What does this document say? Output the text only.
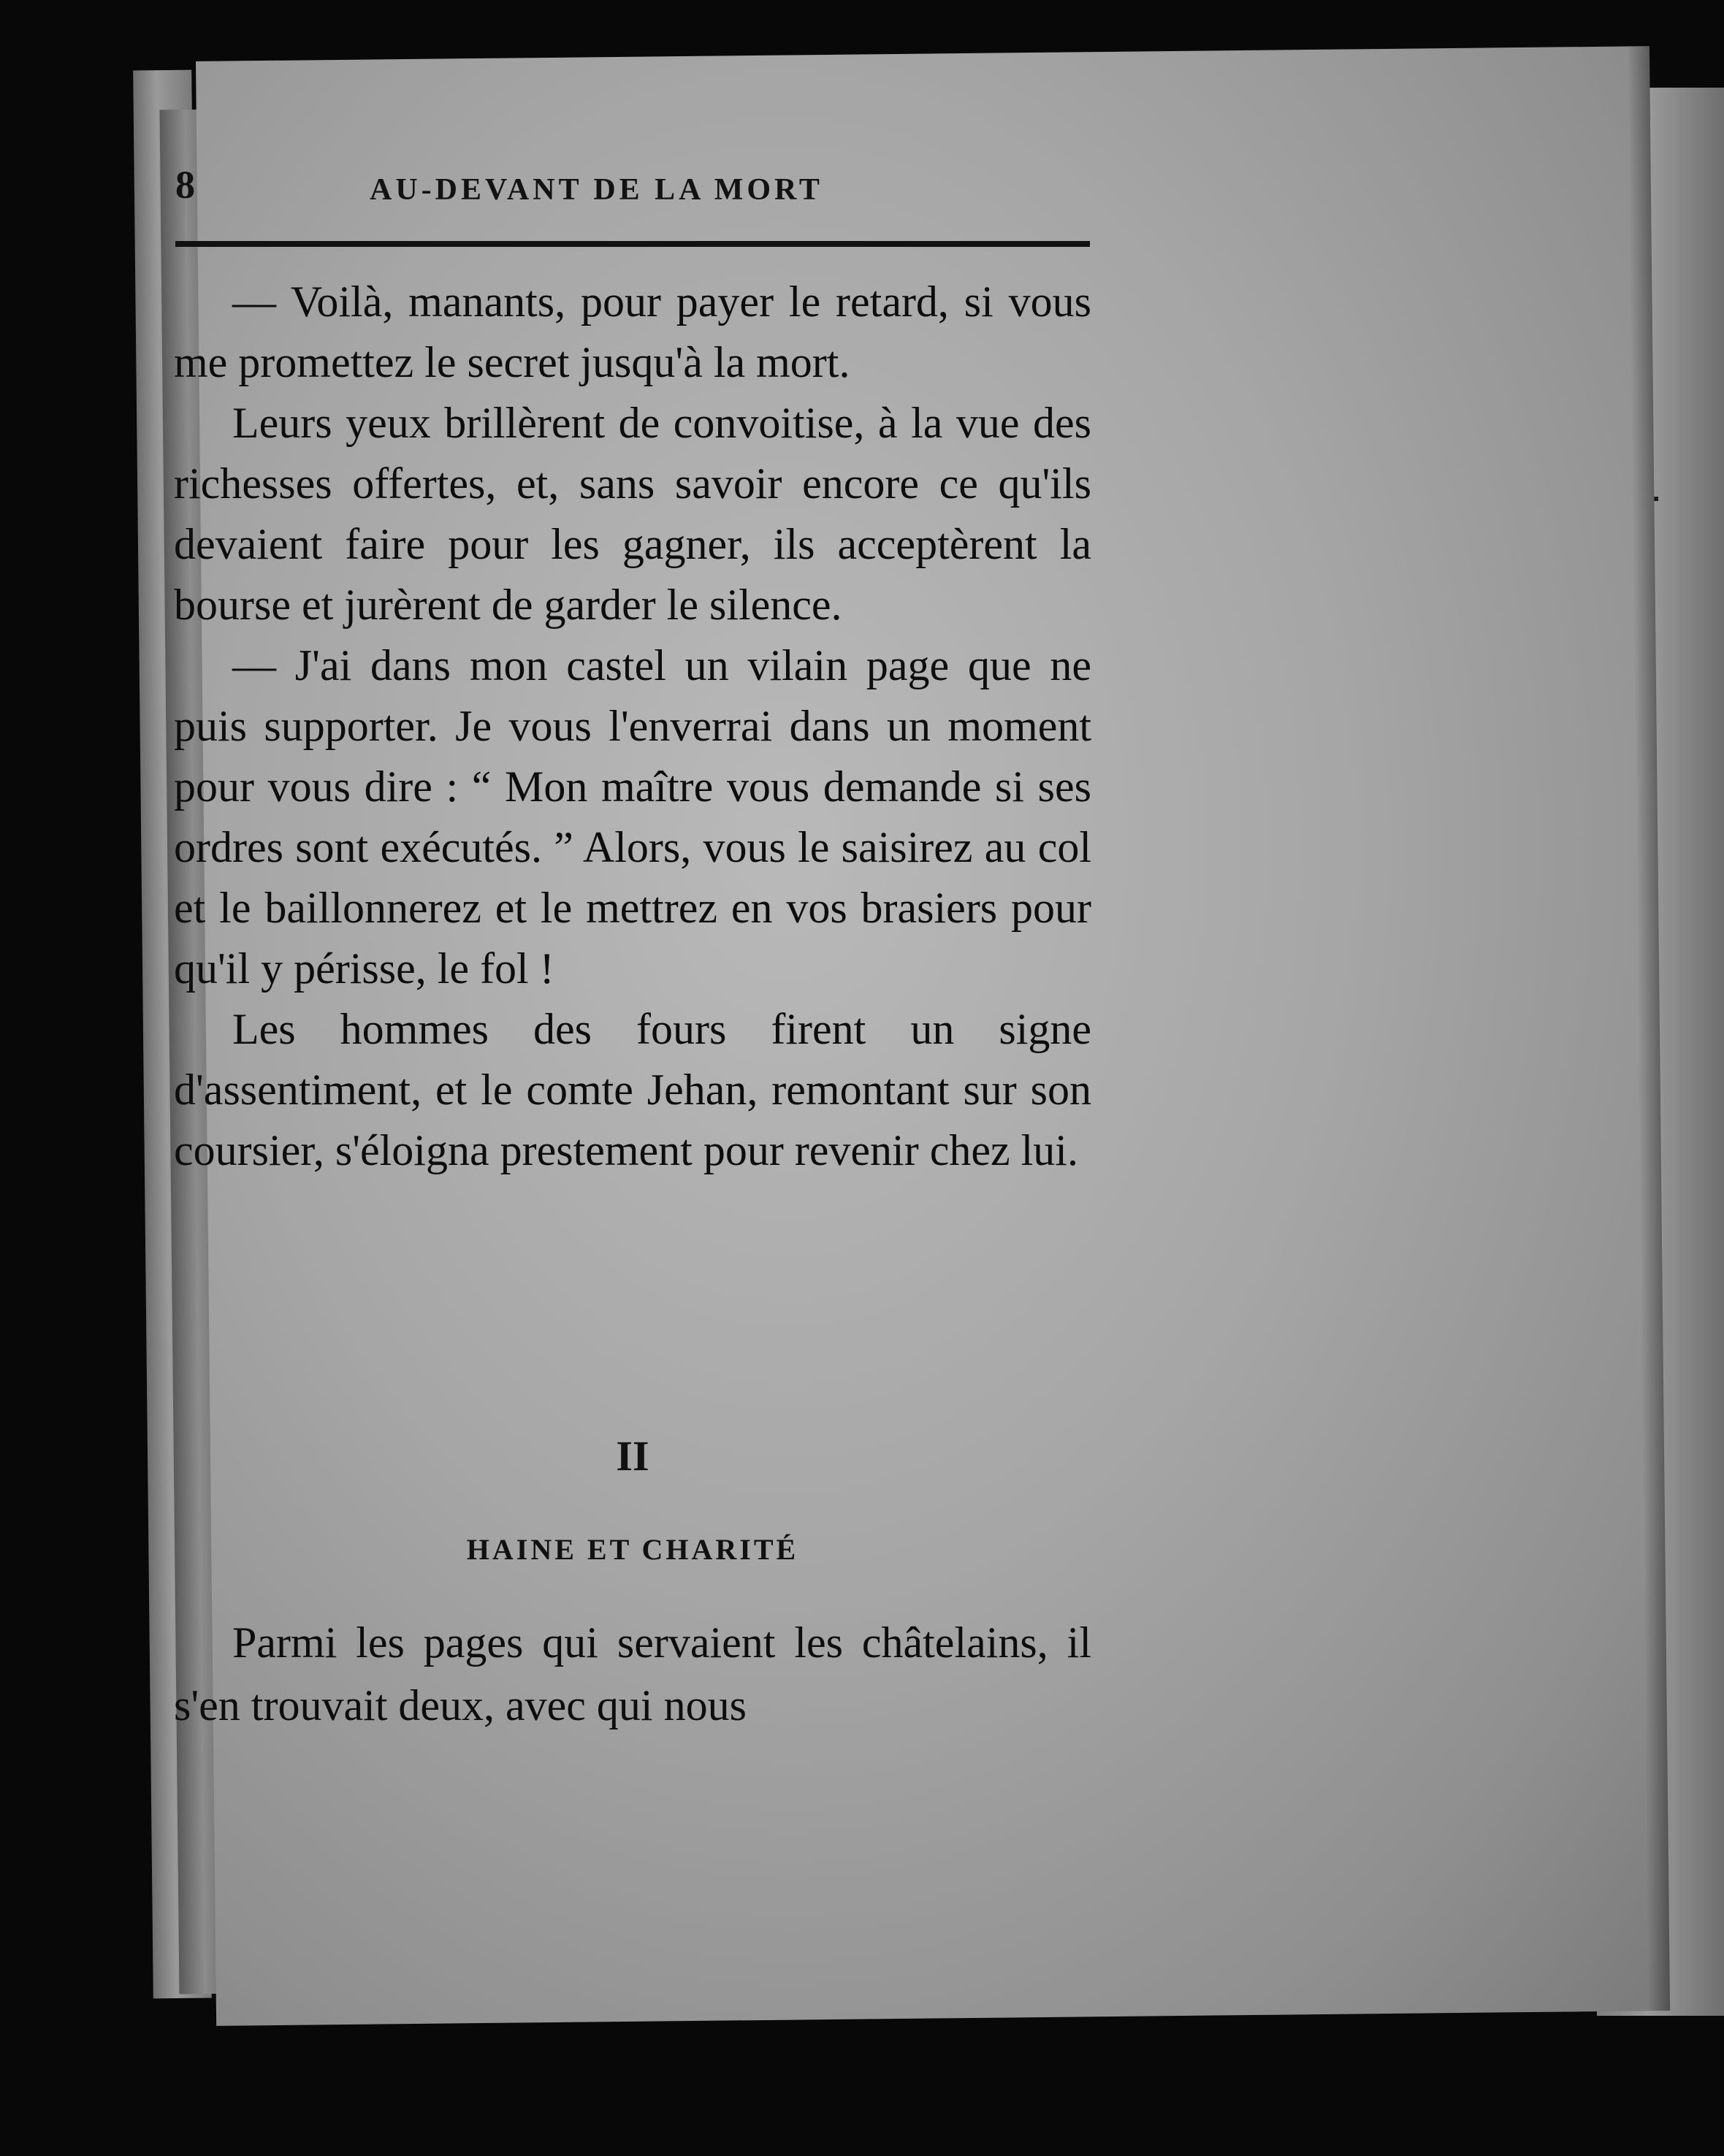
8	AU-DEVANT DE LA MORT

— Voilà, manants, pour payer le retard, si vous me promettez le secret jusqu'à la mort.

Leurs yeux brillèrent de convoitise, à la vue des richesses offertes, et, sans savoir encore ce qu'ils devaient faire pour les gagner, ils acceptèrent la bourse et jurèrent de garder le silence.

— J'ai dans mon castel un vilain page que ne puis supporter. Je vous l'enverrai dans un moment pour vous dire : “ Mon maître vous demande si ses ordres sont exécutés. ” Alors, vous le saisirez au col et le baillonnerez et le mettrez en vos brasiers pour qu'il y périsse, le fol !

Les hommes des fours firent un signe d'assentiment, et le comte Jehan, remontant sur son coursier, s'éloigna prestement pour revenir chez lui.

II
HAINE ET CHARITÉ

Parmi les pages qui servaient les châtelains, il s'en trouvait deux, avec qui nous
